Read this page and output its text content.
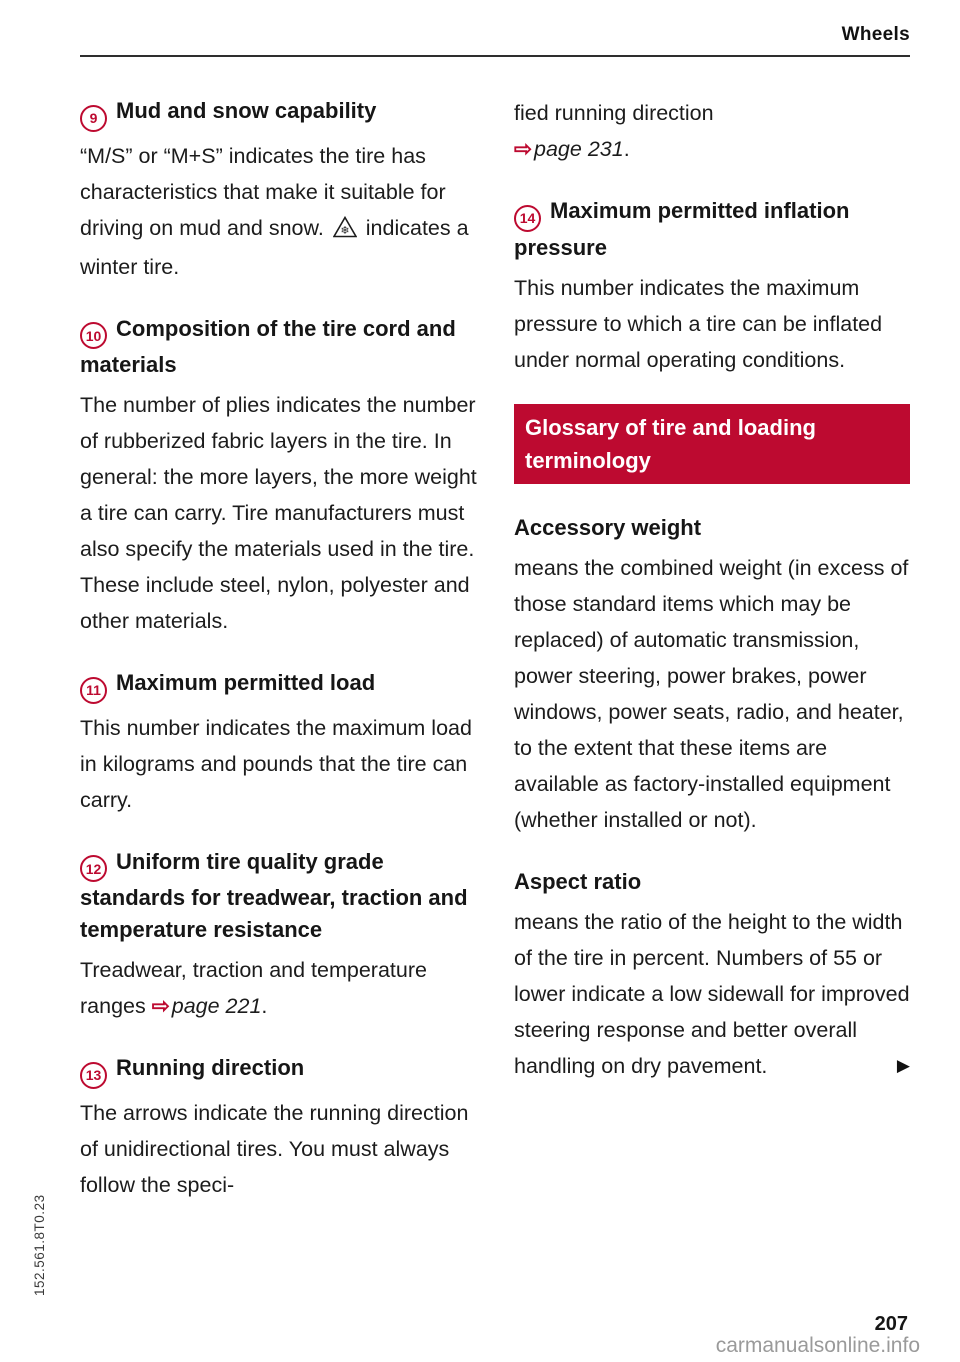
Wheels
9 Mud and snow capability

“M/S” or “M+S” indicates the tire has characteristics that make it suitable for driving on mud and snow. ❄ indicates a winter tire.

10 Composition of the tire cord and materials

The number of plies indicates the number of rubberized fabric layers in the tire. In general: the more layers, the more weight a tire can carry. Tire manufacturers must also specify the materials used in the tire. These include steel, nylon, polyester and other materials.

11 Maximum permitted load

This number indicates the maximum load in kilograms and pounds that the tire can carry.

12 Uniform tire quality grade standards for treadwear, traction and temperature resistance

Treadwear, traction and temperature ranges ⇨page 221.

13 Running direction

The arrows indicate the running direction of unidirectional tires. You must always follow the speci-

fied running direction
⇨page 231.

14 Maximum permitted inflation pressure

This number indicates the maximum pressure to which a tire can be inflated under normal operating conditions.

Glossary of tire and loading terminology
Accessory weight

means the combined weight (in excess of those standard items which may be replaced) of automatic transmission, power steering, power brakes, power windows, power seats, radio, and heater, to the extent that these items are available as factory-installed equipment (whether installed or not).

Aspect ratio

means the ratio of the height to the width of the tire in percent. Numbers of 55 or lower indicate a low sidewall for improved steering response and better overall handling on dry pavement.	▶

152.561.8T0.23
207
carmanualsonline.info
